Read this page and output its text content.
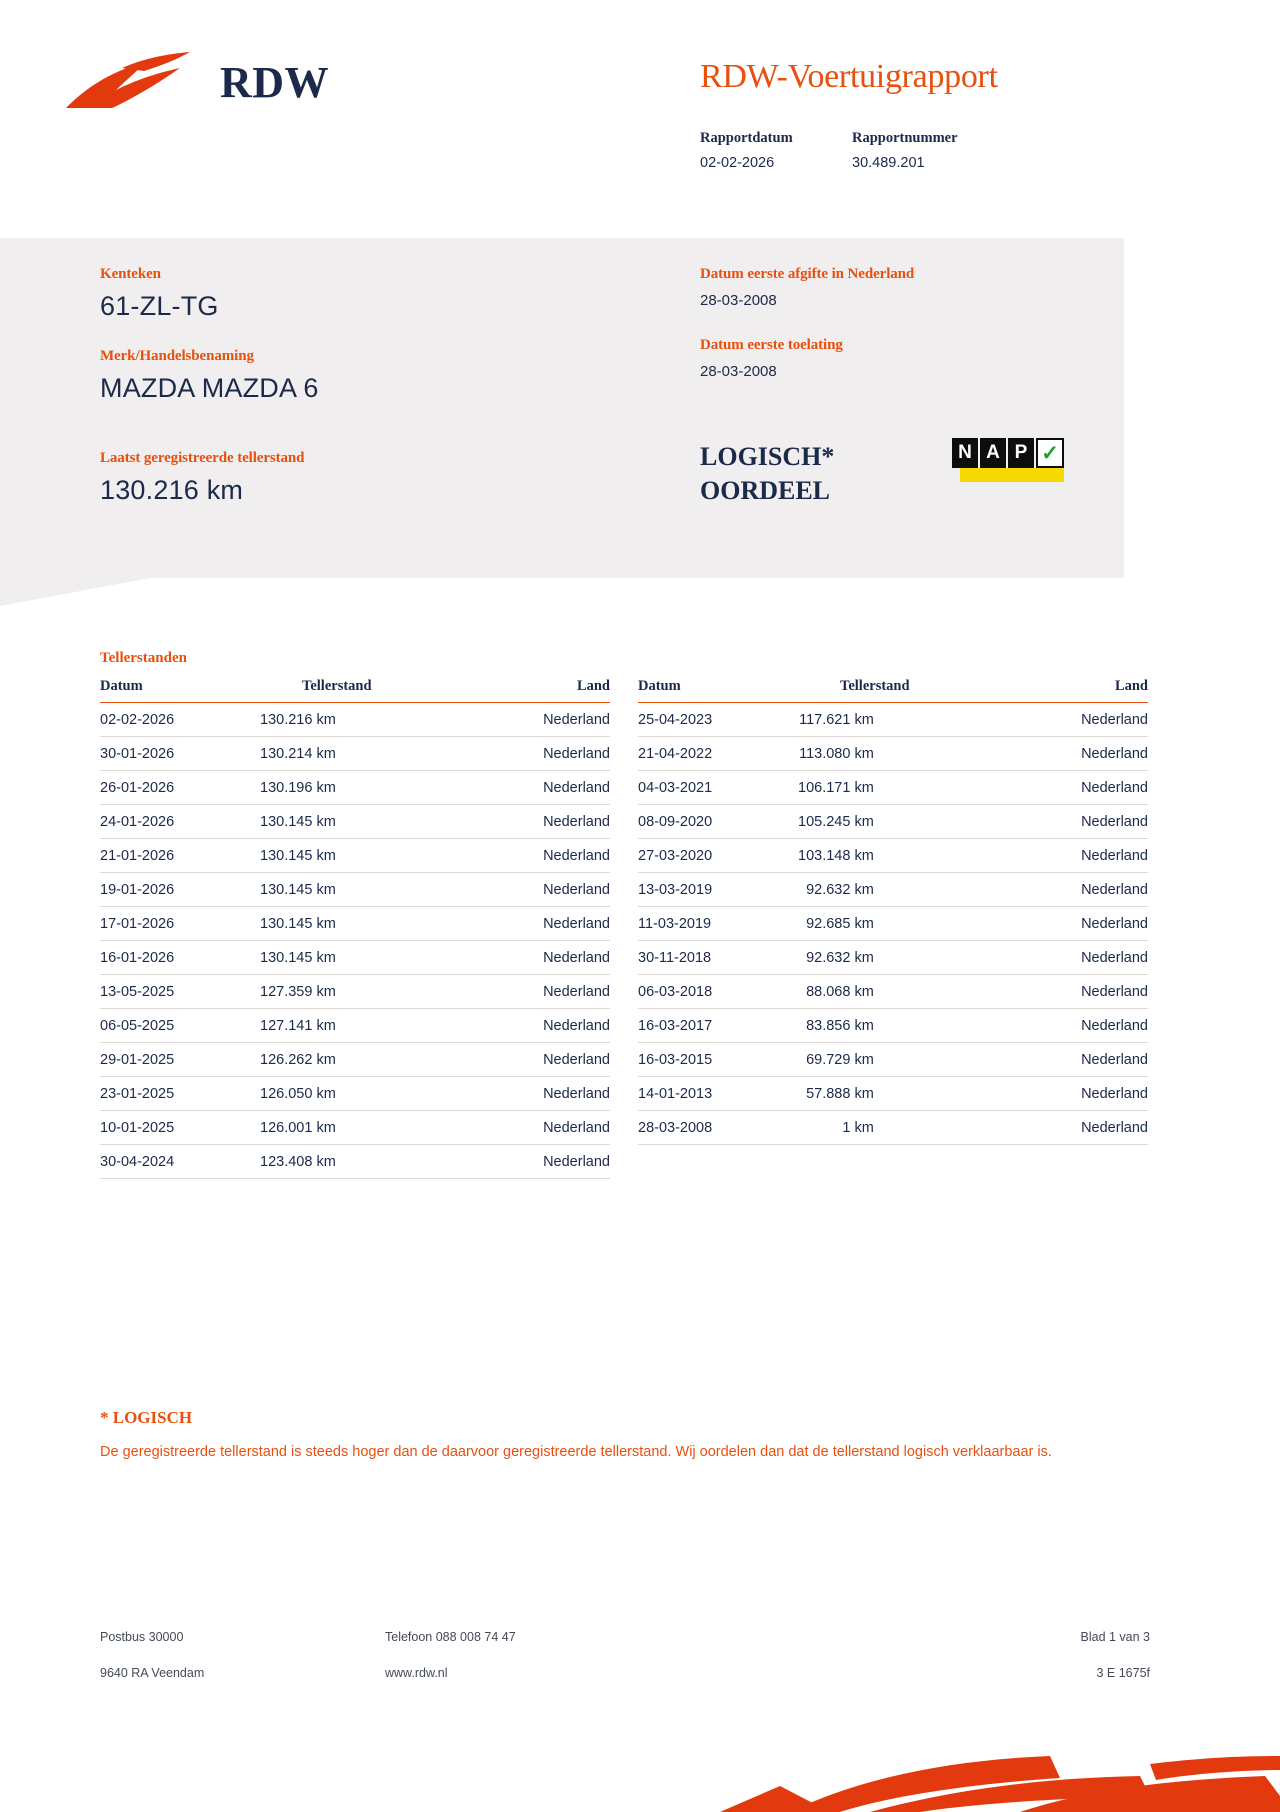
RDW	RDW-Voertuigrapport
Rapportdatum
02-02-2026
Rapportnummer
30.489.201
Kenteken
61-ZL-TG
Merk/Handelsbenaming
MAZDA MAZDA 6
Laatst geregistreerde tellerstand
130.216 km
Datum eerste afgifte in Nederland
28-03-2008
Datum eerste toelating
28-03-2008
LOGISCH*
OORDEEL
N A P ✓
Tellerstanden
Datum	Tellerstand	Land
02-02-2026	130.216 km	Nederland
30-01-2026	130.214 km	Nederland
26-01-2026	130.196 km	Nederland
24-01-2026	130.145 km	Nederland
21-01-2026	130.145 km	Nederland
19-01-2026	130.145 km	Nederland
17-01-2026	130.145 km	Nederland
16-01-2026	130.145 km	Nederland
13-05-2025	127.359 km	Nederland
06-05-2025	127.141 km	Nederland
29-01-2025	126.262 km	Nederland
23-01-2025	126.050 km	Nederland
10-01-2025	126.001 km	Nederland
30-04-2024	123.408 km	Nederland
Datum	Tellerstand	Land
25-04-2023	117.621 km	Nederland
21-04-2022	113.080 km	Nederland
04-03-2021	106.171 km	Nederland
08-09-2020	105.245 km	Nederland
27-03-2020	103.148 km	Nederland
13-03-2019	92.632 km	Nederland
11-03-2019	92.685 km	Nederland
30-11-2018	92.632 km	Nederland
06-03-2018	88.068 km	Nederland
16-03-2017	83.856 km	Nederland
16-03-2015	69.729 km	Nederland
14-01-2013	57.888 km	Nederland
28-03-2008	1 km	Nederland
* LOGISCH
De geregistreerde tellerstand is steeds hoger dan de daarvoor geregistreerde tellerstand. Wij oordelen dan dat de tellerstand logisch verklaarbaar is.
Postbus 30000	Telefoon 088 008 74 47	Blad 1 van 3
9640 RA Veendam	www.rdw.nl	3 E 1675f
